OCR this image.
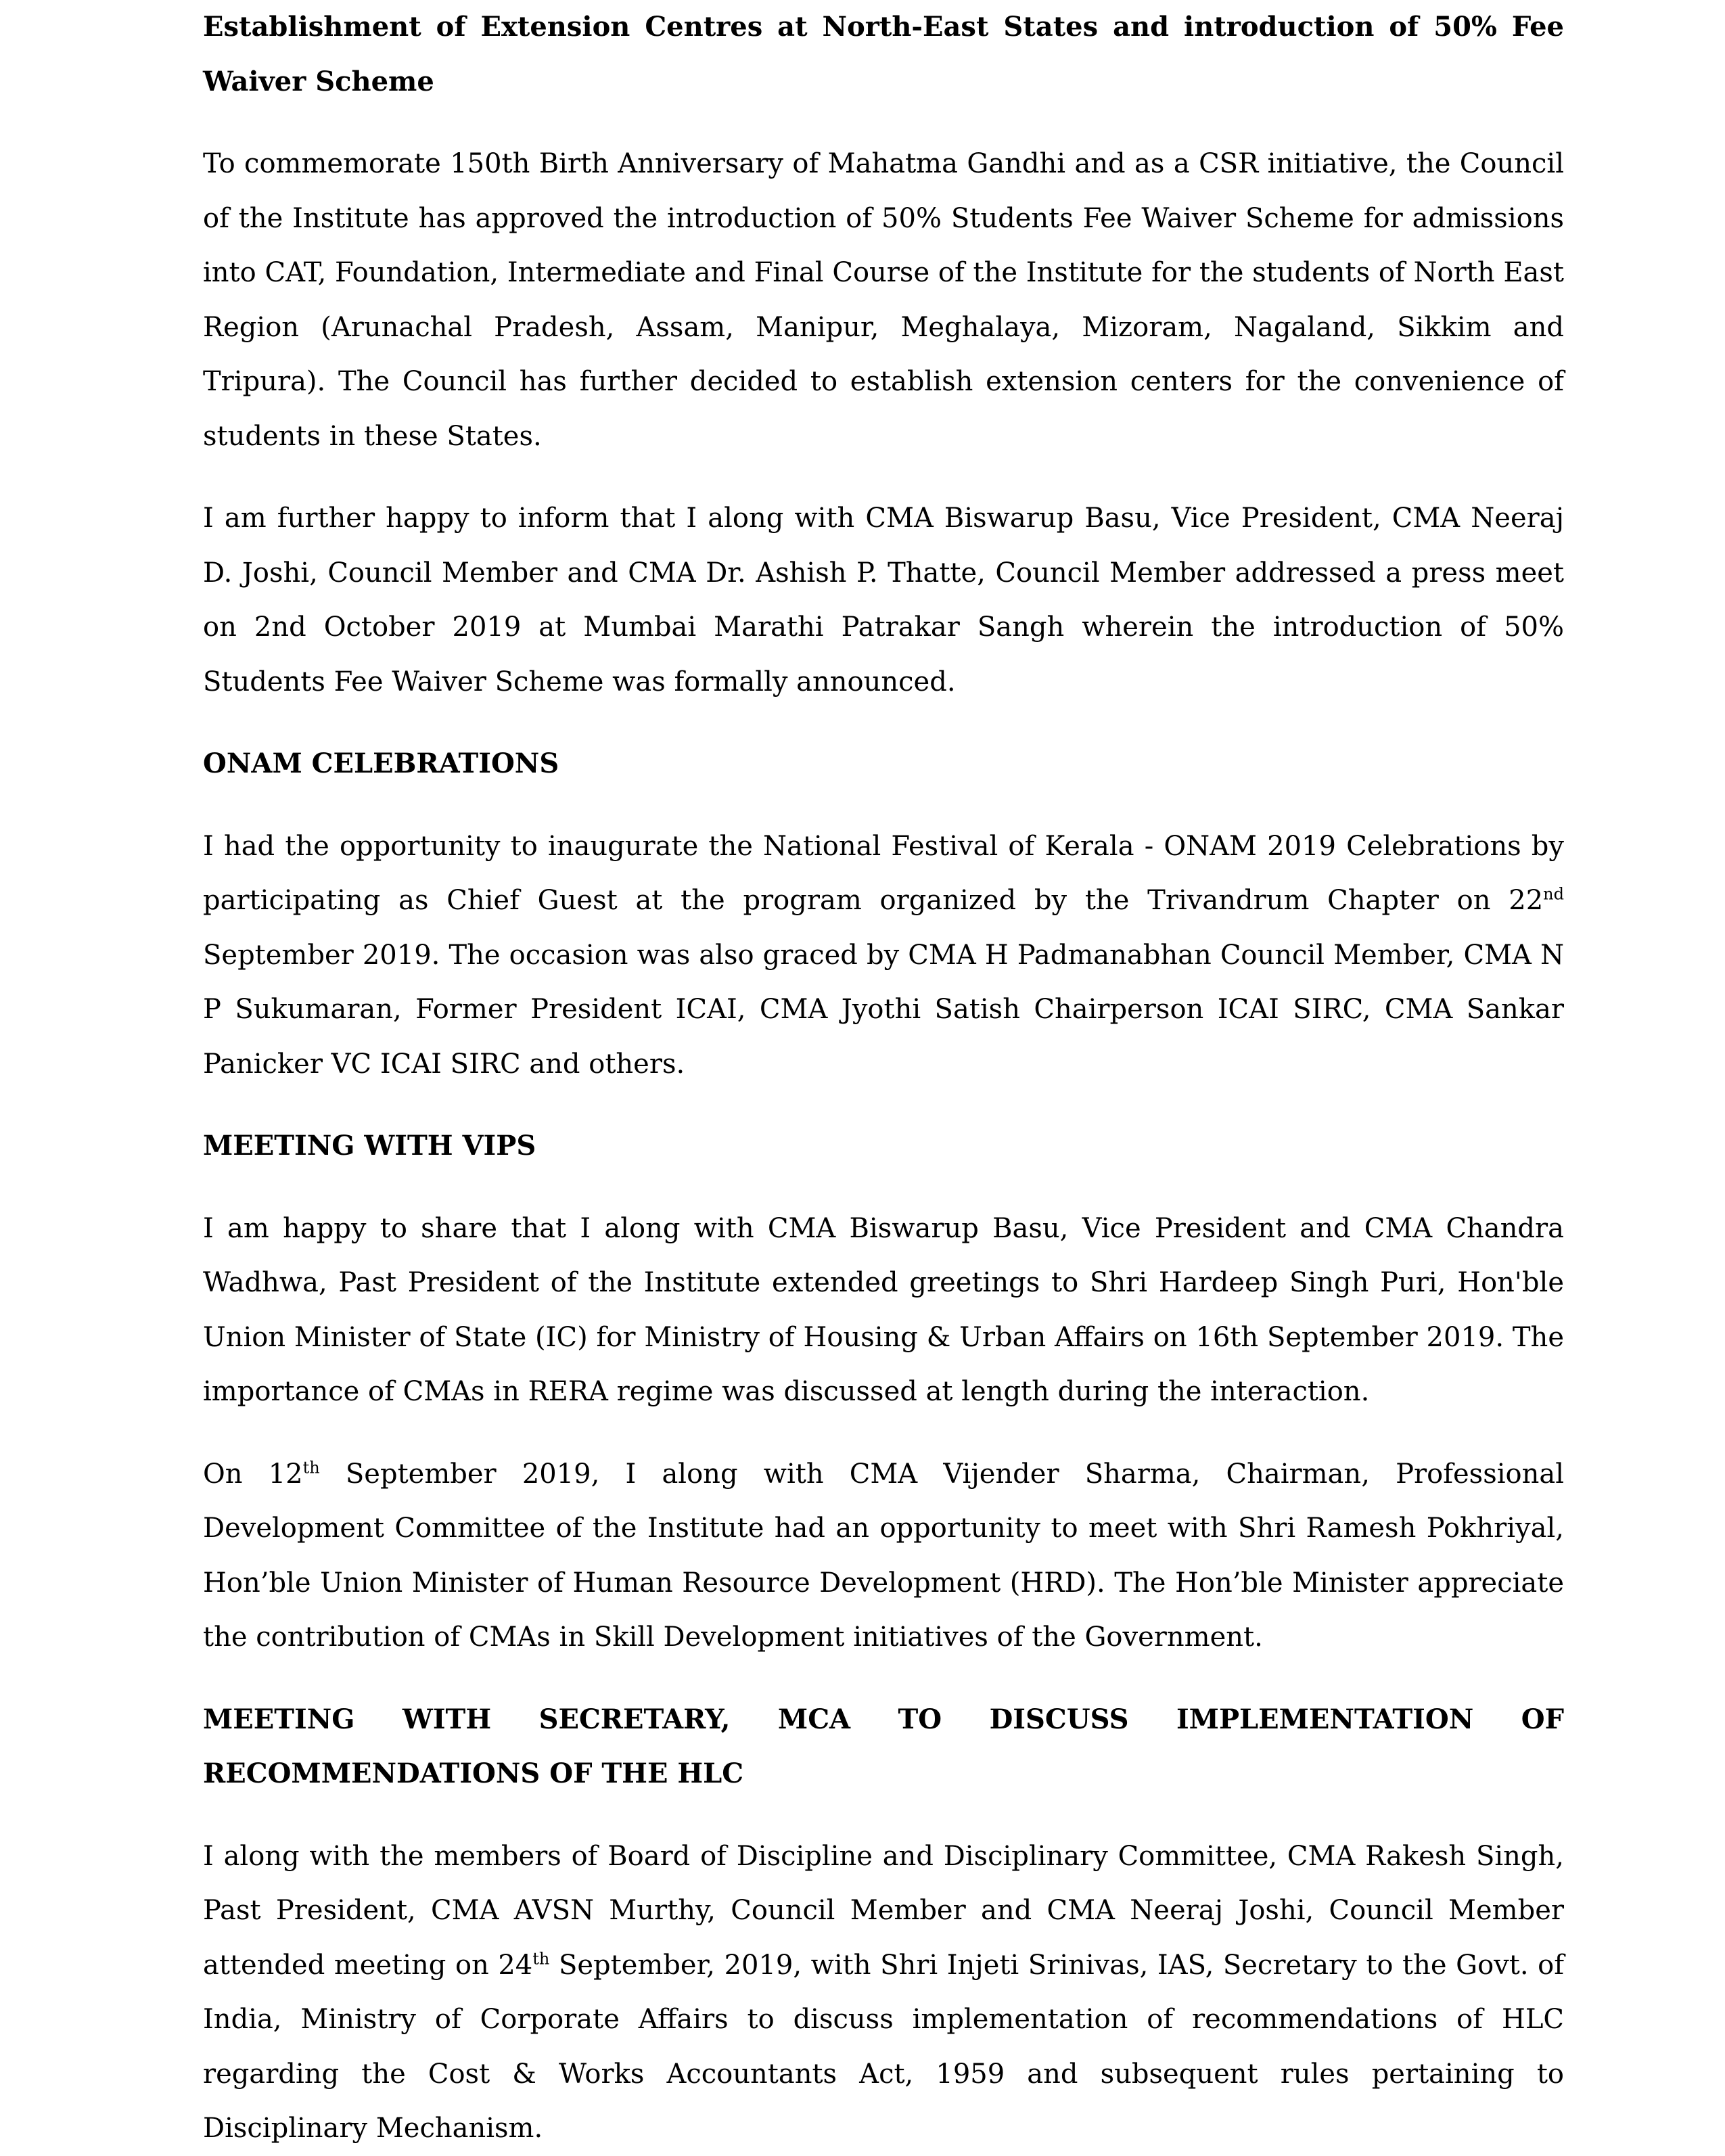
Establishment of Extension Centres at North-East States and introduction of 50% Fee Waiver Scheme

To commemorate 150th Birth Anniversary of Mahatma Gandhi and as a CSR initiative, the Council of the Institute has approved the introduction of 50% Students Fee Waiver Scheme for admissions into CAT, Foundation, Intermediate and Final Course of the Institute for the students of North East Region (Arunachal Pradesh, Assam, Manipur, Meghalaya, Mizoram, Nagaland, Sikkim and Tripura). The Council has further decided to establish extension centers for the convenience of students in these States.

I am further happy to inform that I along with CMA Biswarup Basu, Vice President, CMA Neeraj D. Joshi, Council Member and CMA Dr. Ashish P. Thatte, Council Member addressed a press meet on 2nd October 2019 at Mumbai Marathi Patrakar Sangh wherein the introduction of 50% Students Fee Waiver Scheme was formally announced.

ONAM CELEBRATIONS

I had the opportunity to inaugurate the National Festival of Kerala - ONAM 2019 Celebrations by participating as Chief Guest at the program organized by the Trivandrum Chapter on 22nd September 2019. The occasion was also graced by CMA H Padmanabhan Council Member, CMA N P Sukumaran, Former President ICAI, CMA Jyothi Satish Chairperson ICAI SIRC, CMA Sankar Panicker VC ICAI SIRC and others.

MEETING WITH VIPS

I am happy to share that I along with CMA Biswarup Basu, Vice President and CMA Chandra Wadhwa, Past President of the Institute extended greetings to Shri Hardeep Singh Puri, Hon'ble Union Minister of State (IC) for Ministry of Housing & Urban Affairs on 16th September 2019. The importance of CMAs in RERA regime was discussed at length during the interaction.

On 12th September 2019, I along with CMA Vijender Sharma, Chairman, Professional Development Committee of the Institute had an opportunity to meet with Shri Ramesh Pokhriyal, Hon’ble Union Minister of Human Resource Development (HRD). The Hon’ble Minister appreciate the contribution of CMAs in Skill Development initiatives of the Government.

MEETING WITH SECRETARY, MCA TO DISCUSS IMPLEMENTATION OF RECOMMENDATIONS OF THE HLC

I along with the members of Board of Discipline and Disciplinary Committee, CMA Rakesh Singh, Past President, CMA AVSN Murthy, Council Member and CMA Neeraj Joshi, Council Member attended meeting on 24th September, 2019, with Shri Injeti Srinivas, IAS, Secretary to the Govt. of India, Ministry of Corporate Affairs to discuss implementation of recommendations of HLC regarding the Cost & Works Accountants Act, 1959 and subsequent rules pertaining to Disciplinary Mechanism.
